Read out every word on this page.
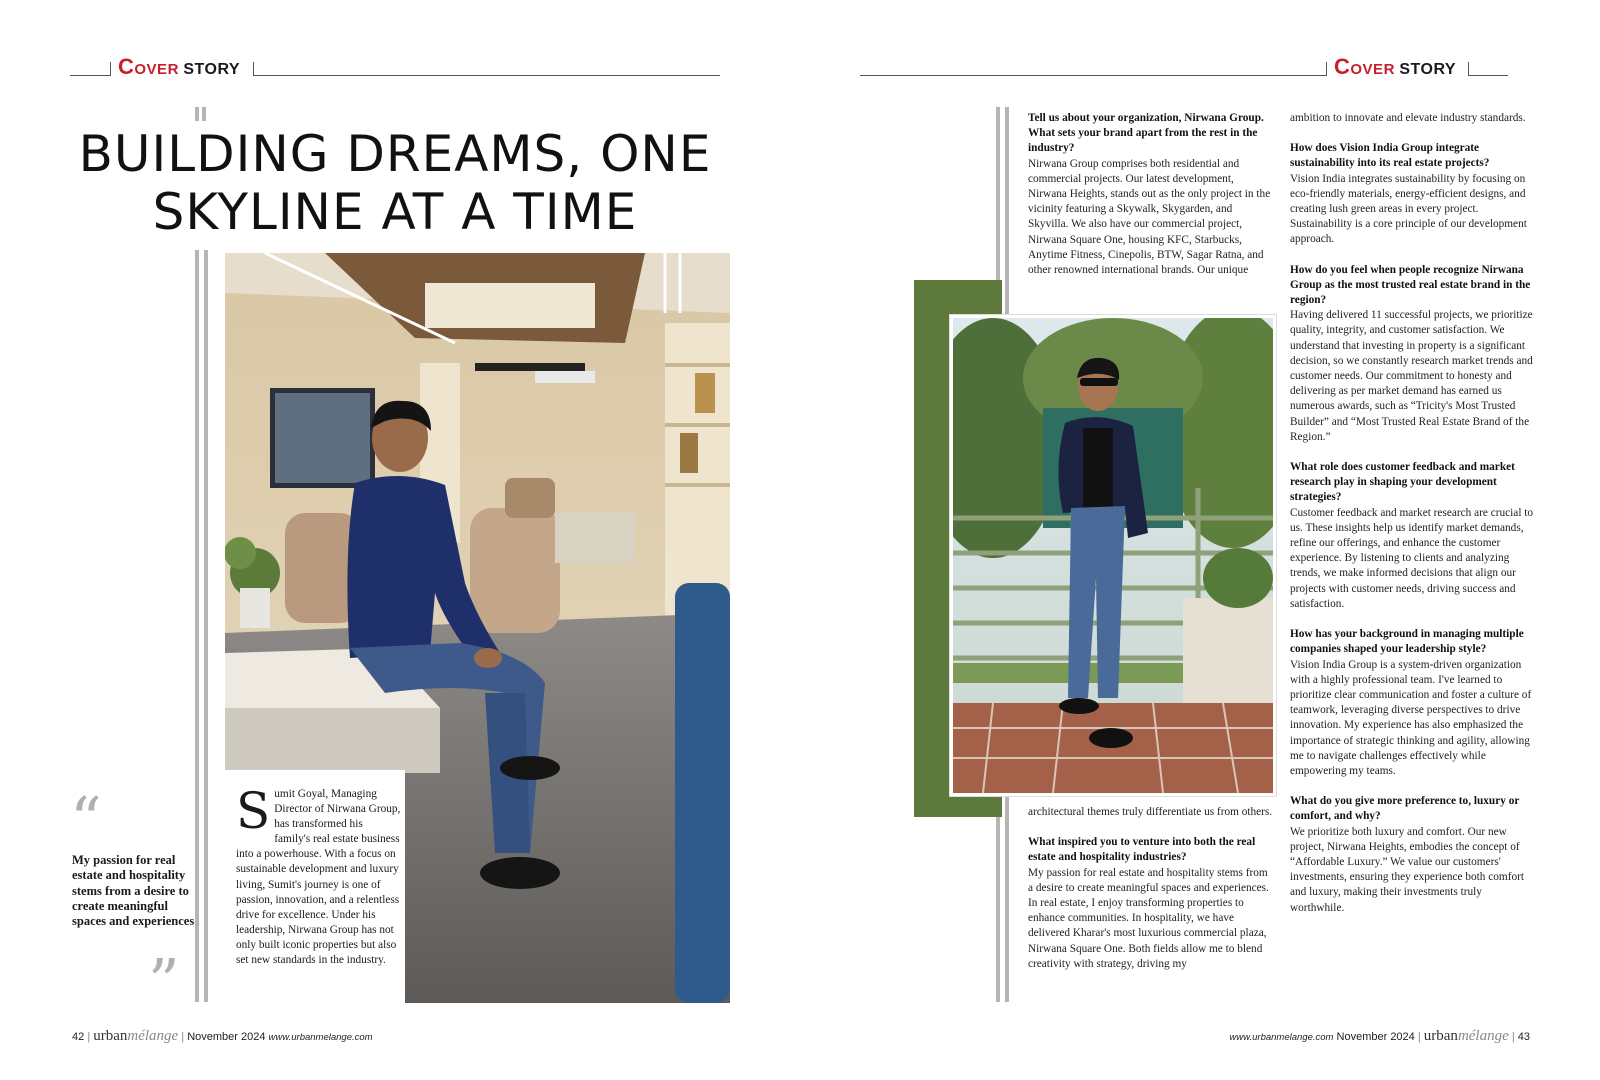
Cover STORY	Cover STORY
BUILDING DREAMS, ONE
SKYLINE AT A TIME
Sumit Goyal, Managing Director of Nirwana Group, has transformed his family's real estate business into a powerhouse. With a focus on sustainable development and luxury living, Sumit's journey is one of passion, innovation, and a relentless drive for excellence. Under his leadership, Nirwana Group has not only built iconic properties but also set new standards in the industry.
“
My passion for real estate and hospitality stems from a desire to create meaningful spaces and experiences
”
42 | urbanmélange | November 2024 www.urbanmelange.com
Tell us about your organization, Nirwana Group. What sets your brand apart from the rest in the industry?

Nirwana Group comprises both residential and commercial projects. Our latest development, Nirwana Heights, stands out as the only project in the vicinity featuring a Skywalk, Skygarden, and Skyvilla. We also have our commercial project, Nirwana Square One, housing KFC, Starbucks, Anytime Fitness, Cinepolis, BTW, Sagar Ratna, and other renowned international brands. Our unique

architectural themes truly differentiate us from others.

What inspired you to venture into both the real estate and hospitality industries?

My passion for real estate and hospitality stems from a desire to create meaningful spaces and experiences. In real estate, I enjoy transforming properties to enhance communities. In hospitality, we have delivered Kharar's most luxurious commercial plaza, Nirwana Square One. Both fields allow me to blend creativity with strategy, driving my

ambition to innovate and elevate industry standards.

How does Vision India Group integrate sustainability into its real estate projects?

Vision India integrates sustainability by focusing on eco-friendly materials, energy-efficient designs, and creating lush green areas in every project. Sustainability is a core principle of our development approach.

How do you feel when people recognize Nirwana Group as the most trusted real estate brand in the region?

Having delivered 11 successful projects, we prioritize quality, integrity, and customer satisfaction. We understand that investing in property is a significant decision, so we constantly research market trends and customer needs. Our commitment to honesty and delivering as per market demand has earned us numerous awards, such as “Tricity's Most Trusted Builder” and “Most Trusted Real Estate Brand of the Region.”

What role does customer feedback and market research play in shaping your development strategies?

Customer feedback and market research are crucial to us. These insights help us identify market demands, refine our offerings, and enhance the customer experience. By listening to clients and analyzing trends, we make informed decisions that align our projects with customer needs, driving success and satisfaction.

How has your background in managing multiple companies shaped your leadership style?

Vision India Group is a system-driven organization with a highly professional team. I've learned to prioritize clear communication and foster a culture of teamwork, leveraging diverse perspectives to drive innovation. My experience has also emphasized the importance of strategic thinking and agility, allowing me to navigate challenges effectively while empowering my teams.

What do you give more preference to, luxury or comfort, and why?

We prioritize both luxury and comfort. Our new project, Nirwana Heights, embodies the concept of “Affordable Luxury.” We value our customers' investments, ensuring they experience both comfort and luxury, making their investments truly worthwhile.

www.urbanmelange.com November 2024 | urbanmélange | 43
